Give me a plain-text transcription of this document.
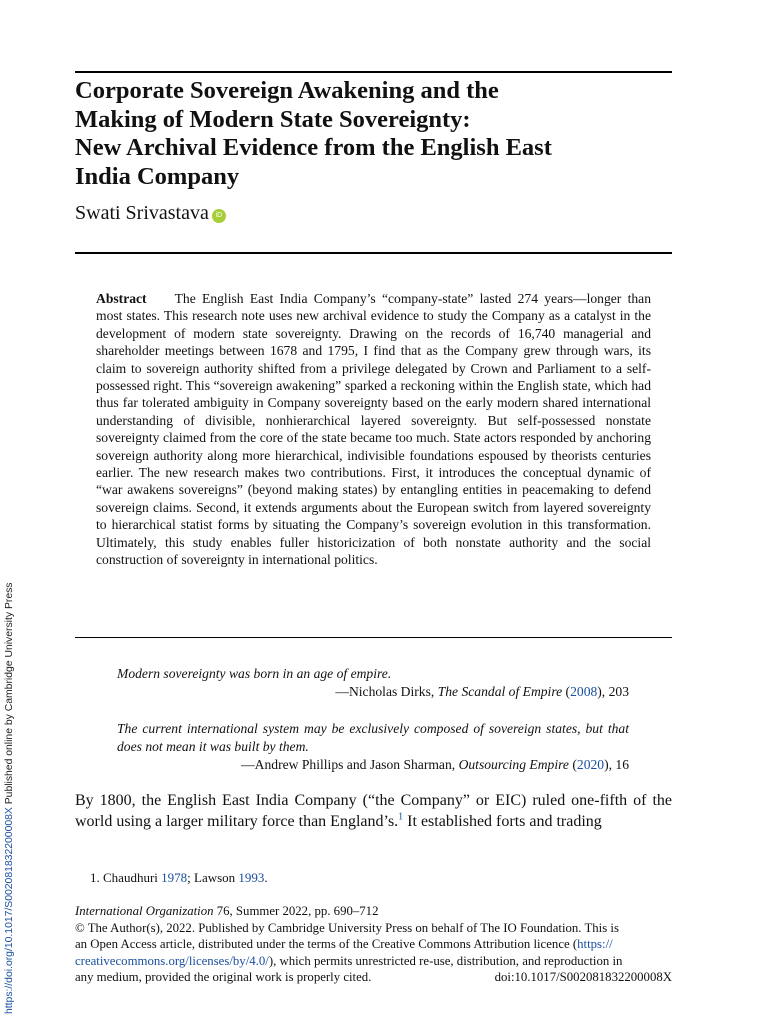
Corporate Sovereign Awakening and the
Making of Modern State Sovereignty:
New Archival Evidence from the English East
India Company
Swati Srivastava iD

Abstract The English East India Company’s “company-state” lasted 274 years—longer than most states. This research note uses new archival evidence to study the Company as a catalyst in the development of modern state sovereignty. Drawing on the records of 16,740 managerial and shareholder meetings between 1678 and 1795, I find that as the Company grew through wars, its claim to sovereign authority shifted from a privilege delegated by Crown and Parliament to a self-possessed right. This “sovereign awakening” sparked a reckoning within the English state, which had thus far tolerated ambiguity in Company sovereignty based on the early modern shared international understanding of divisible, nonhierarchical layered sovereignty. But self-possessed nonstate sovereignty claimed from the core of the state became too much. State actors responded by anchoring sovereign authority along more hierarchical, indivisible foundations espoused by theorists centuries earlier. The new research makes two contributions. First, it introduces the conceptual dynamic of “war awakens sovereigns” (beyond making states) by entangling entities in peacemaking to defend sovereign claims. Second, it extends arguments about the European switch from layered sovereignty to hierarchical statist forms by situating the Company’s sovereign evolution in this transformation. Ultimately, this study enables fuller historicization of both nonstate authority and the social construction of sovereignty in international politics.

Modern sovereignty was born in an age of empire.
—Nicholas Dirks, The Scandal of Empire (2008), 203
The current international system may be exclusively composed of sovereign states, but that does not mean it was built by them.
—Andrew Phillips and Jason Sharman, Outsourcing Empire (2020), 16

By 1800, the English East India Company (“the Company” or EIC) ruled one-fifth of the world using a larger military force than England’s.$^1$ It established forts and trading

1. Chaudhuri 1978; Lawson 1993.
International Organization 76, Summer 2022, pp. 690–712
© The Author(s), 2022. Published by Cambridge University Press on behalf of The IO Foundation. This is
an Open Access article, distributed under the terms of the Creative Commons Attribution licence (https://
creativecommons.org/licenses/by/4.0/), which permits unrestricted re-use, distribution, and reproduction in
any medium, provided the original work is properly cited.	doi:10.1017/S002081832200008X
https://doi.org/10.1017/S002081832200008X Published online by Cambridge University Press
